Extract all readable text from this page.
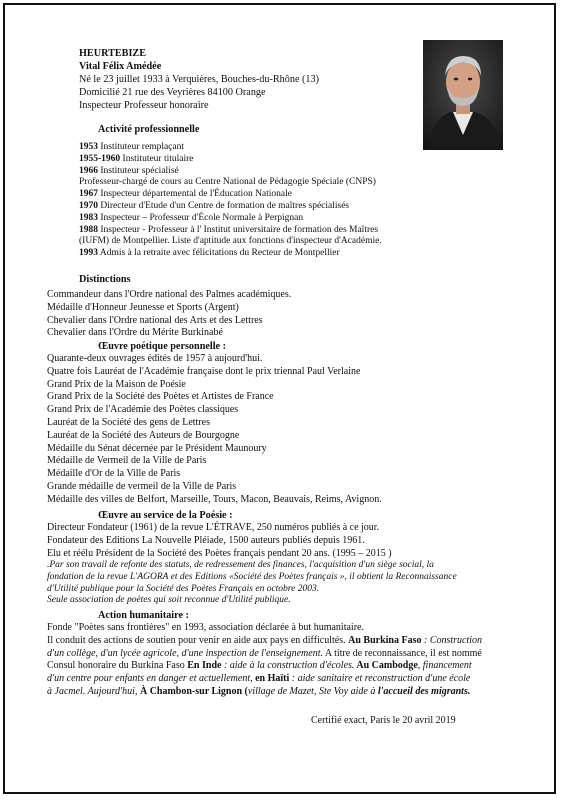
HEURTEBIZE
Vital Félix Amédée
Né le 23 juillet 1933 à Verquières, Bouches-du-Rhône (13)
Domicilié 21 rue des Veyrières 84100 Orange
Inspecteur Professeur honoraire
Activité professionnelle
1953 Instituteur remplaçant
1955-1960 Instituteur titulaire
1966 Instituteur spécialisé
Professeur-chargé de cours au Centre National de Pédagogie Spéciale (CNPS)
1967 Inspecteur départemental de l'Éducation Nationale
1970 Directeur d'Etude d'un Centre de formation de maîtres spécialisés
1983 Inspecteur – Professeur d'École Normale à Perpignan
1988 Inspecteur - Professeur à l' Institut universitaire de formation des Maîtres
(IUFM) de Montpellier. Liste d'aptitude aux fonctions d'inspecteur d'Académie.
1993 Admis à la retraite avec félicitations du Recteur de Montpellier
Distinctions
Commandeur dans l'Ordre national des Palmes académiques.
Médaille d'Honneur Jeunesse et Sports (Argent)
Chevalier dans l'Ordre national des Arts et des Lettres
Chevalier dans l'Ordre du Mérite Burkinabé
Œuvre poétique personnelle :
Quarante-deux ouvrages édités de 1957 à aujourd'hui.
Quatre fois Lauréat de l'Académie française dont le prix triennal Paul Verlaine
Grand Prix de la Maison de Poésie
Grand Prix de la Société des Poètes et Artistes de France
Grand Prix de l'Académie des Poètes classiques
Lauréat de la Société des gens de Lettres
Lauréat de la Société des Auteurs de Bourgogne
Médaille du Sénat décernée par le Président Maunoury
Médaille de Vermeil de la Ville de Paris
Médaille d'Or de la Ville de Paris
Grande médaille de vermeil de la Ville de Paris
Médaille des villes de Belfort, Marseille, Tours, Macon, Beauvais, Reims, Avignon.
Œuvre au service de la Poésie :
Directeur Fondateur (1961) de la revue L'ÉTRAVE, 250 numéros publiés à ce jour.
Fondateur des Editions La Nouvelle Pléiade, 1500 auteurs publiés depuis 1961.
Elu et réélu Président de la Société des Poètes français pendant 20 ans. (1995 – 2015 )
.Par son travail de refonte des statuts, de redressement des finances, l'acquisition d'un siège social, la
fondation de la revue L'AGORA et des Editions «Société des Poètes français », il obtient la Reconnaissance
d'Utilité publique pour la Société des Poètes Français en octobre 2003.
Seule association de poètes qui soit reconnue d'Utilité publique.
Action humanitaire :
Fonde "Poètes sans frontières" en 1993, association déclarée à but humanitaire.
Il conduit des actions de soutien pour venir en aide aux pays en difficultés. Au Burkina Faso : Construction
d'un collège, d'un lycée agricole, d'une inspection de l'enseignement. A titre de reconnaissance, il est nommé
Consul honoraire du Burkina Faso En Inde : aide à la construction d'écoles. Au Cambodge, financement
d'un centre pour enfants en danger et actuellement, en Haïti : aide sanitaire et reconstruction d'une école
à Jacmel. Aujourd'hui, À Chambon-sur Lignon (village de Mazet, Ste Voy aide à l'accueil des migrants.
Certifié exact, Paris le 20 avril 2019
